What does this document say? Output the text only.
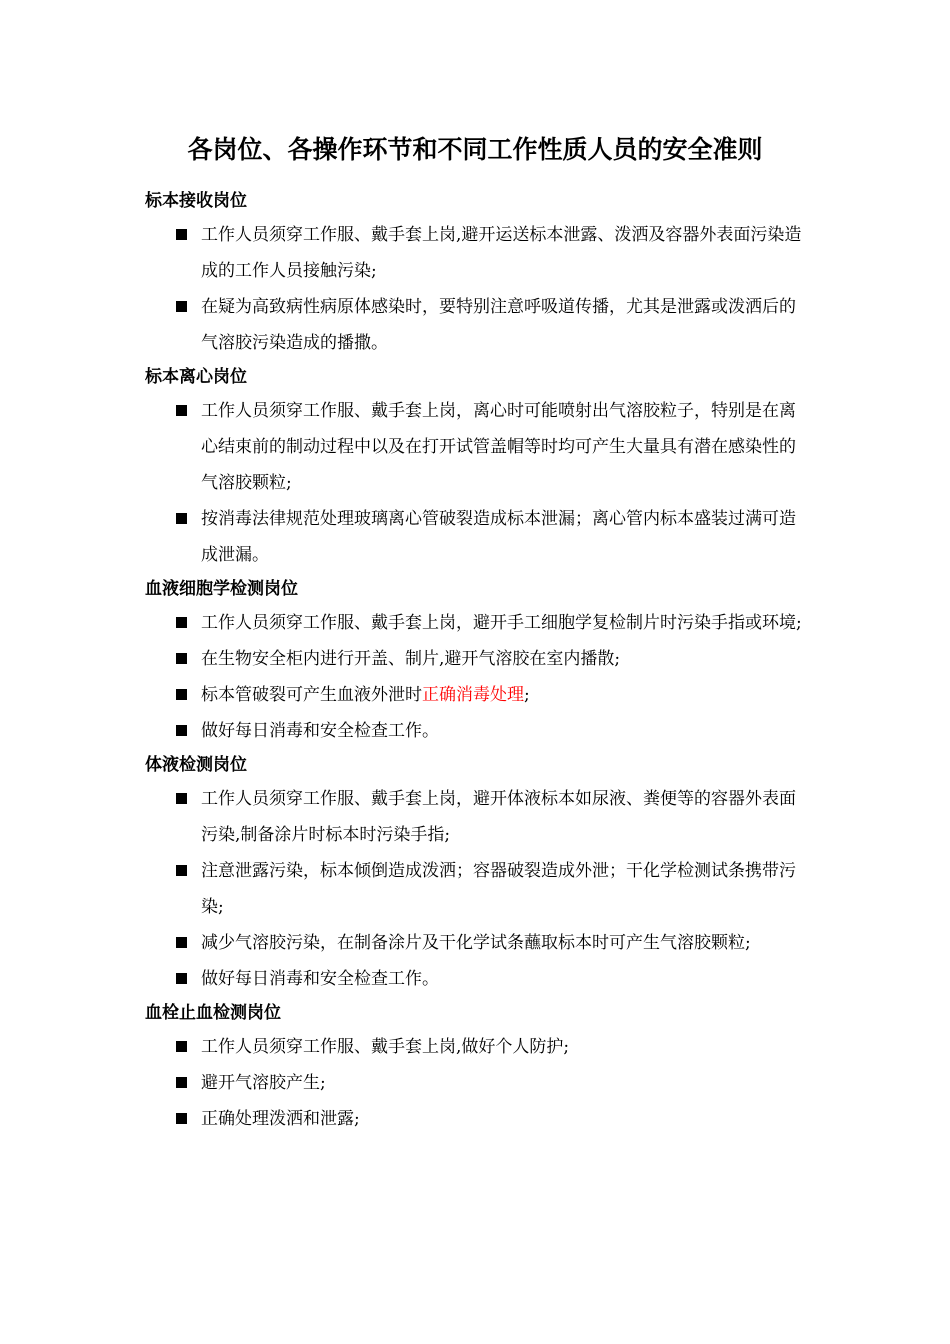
各岗位、各操作环节和不同工作性质人员的安全准则
标本接收岗位
工作人员须穿工作服、戴手套上岗,避开运送标本泄露、泼洒及容器外表面污染造成的工作人员接触污染;
在疑为高致病性病原体感染时，要特别注意呼吸道传播，尤其是泄露或泼洒后的气溶胶污染造成的播撒。
标本离心岗位
工作人员须穿工作服、戴手套上岗，离心时可能喷射出气溶胶粒子，特别是在离心结束前的制动过程中以及在打开试管盖帽等时均可产生大量具有潜在感染性的气溶胶颗粒;
按消毒法律规范处理玻璃离心管破裂造成标本泄漏；离心管内标本盛装过满可造成泄漏。
血液细胞学检测岗位
工作人员须穿工作服、戴手套上岗，避开手工细胞学复检制片时污染手指或环境;
在生物安全柜内进行开盖、制片,避开气溶胶在室内播散;
标本管破裂可产生血液外泄时正确消毒处理;
做好每日消毒和安全检查工作。
体液检测岗位
工作人员须穿工作服、戴手套上岗，避开体液标本如尿液、粪便等的容器外表面污染,制备涂片时标本时污染手指;
注意泄露污染，标本倾倒造成泼洒；容器破裂造成外泄；干化学检测试条携带污染;
减少气溶胶污染，在制备涂片及干化学试条蘸取标本时可产生气溶胶颗粒;
做好每日消毒和安全检查工作。
血栓止血检测岗位
工作人员须穿工作服、戴手套上岗,做好个人防护;
避开气溶胶产生;
正确处理泼洒和泄露;
